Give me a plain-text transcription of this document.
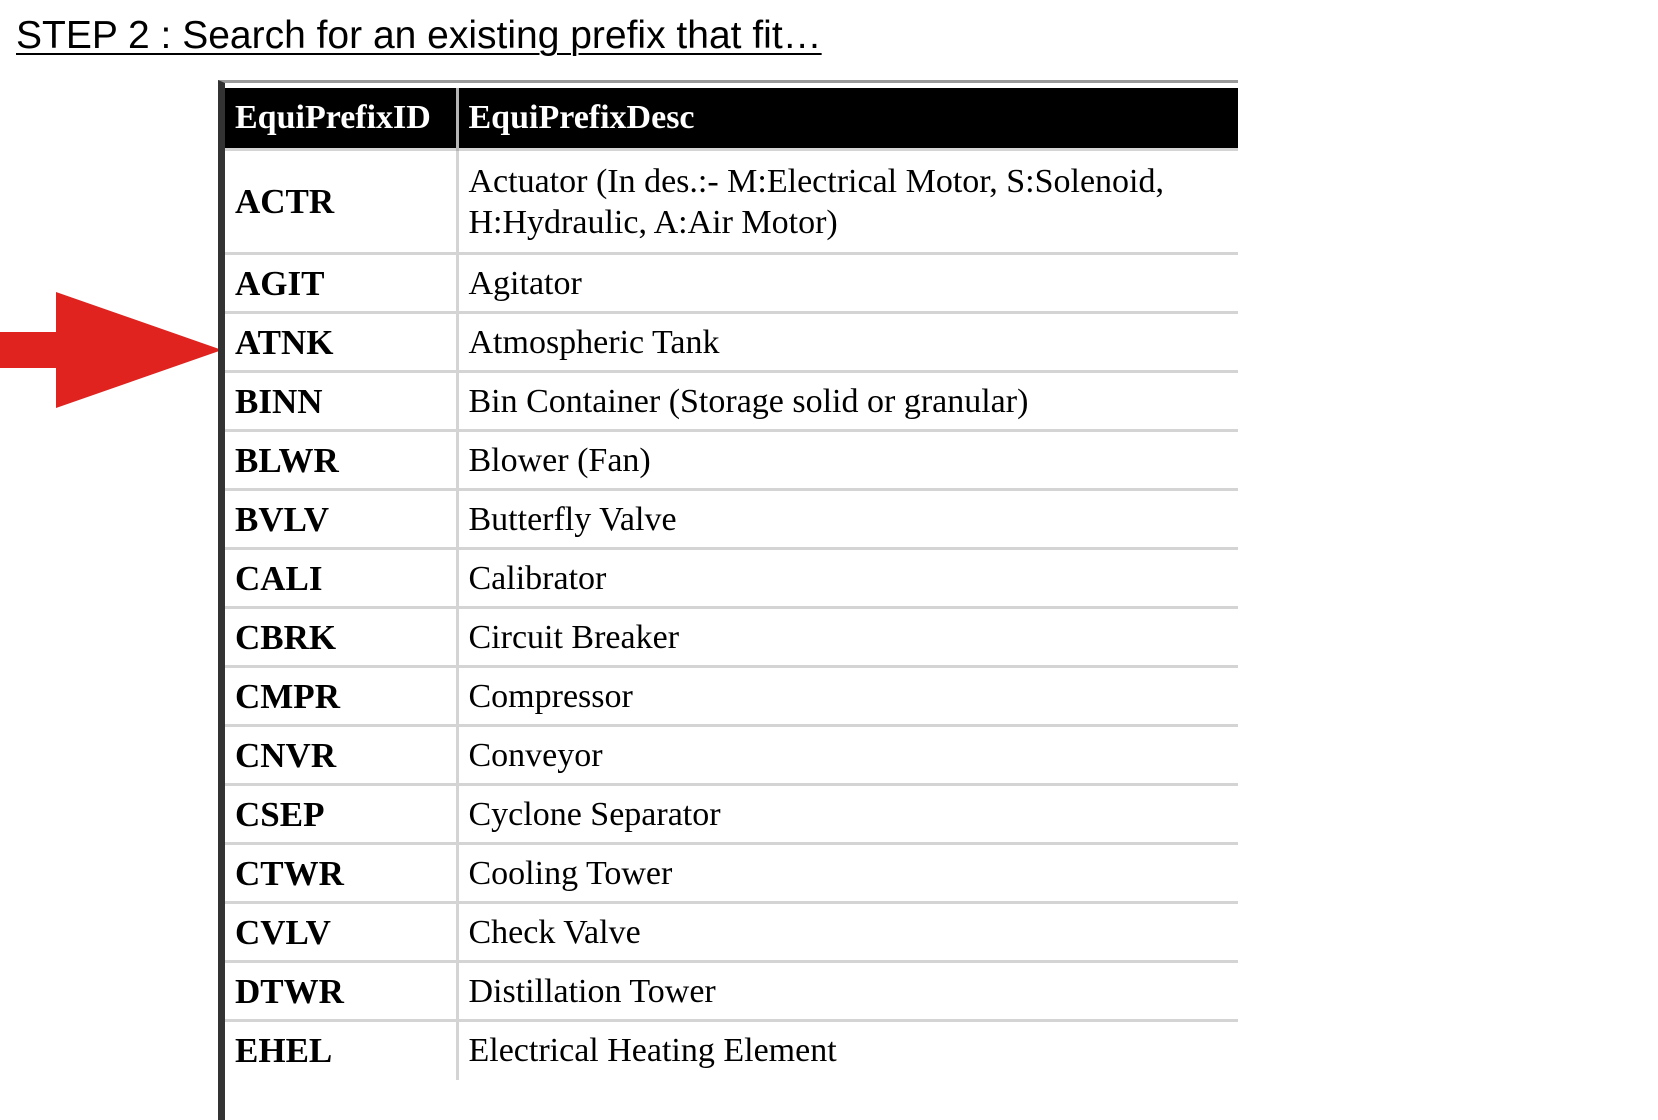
STEP 2 : Search for an existing prefix that fit…
EquiPrefixID	EquiPrefixDesc
ACTR	Actuator (In des.:- M:Electrical Motor, S:Solenoid,
H:Hydraulic, A:Air Motor)
AGIT	Agitator
ATNK	Atmospheric Tank
BINN	Bin Container (Storage solid or granular)
BLWR	Blower (Fan)
BVLV	Butterfly Valve
CALI	Calibrator
CBRK	Circuit Breaker
CMPR	Compressor
CNVR	Conveyor
CSEP	Cyclone Separator
CTWR	Cooling Tower
CVLV	Check Valve
DTWR	Distillation Tower
EHEL	Electrical Heating Element
